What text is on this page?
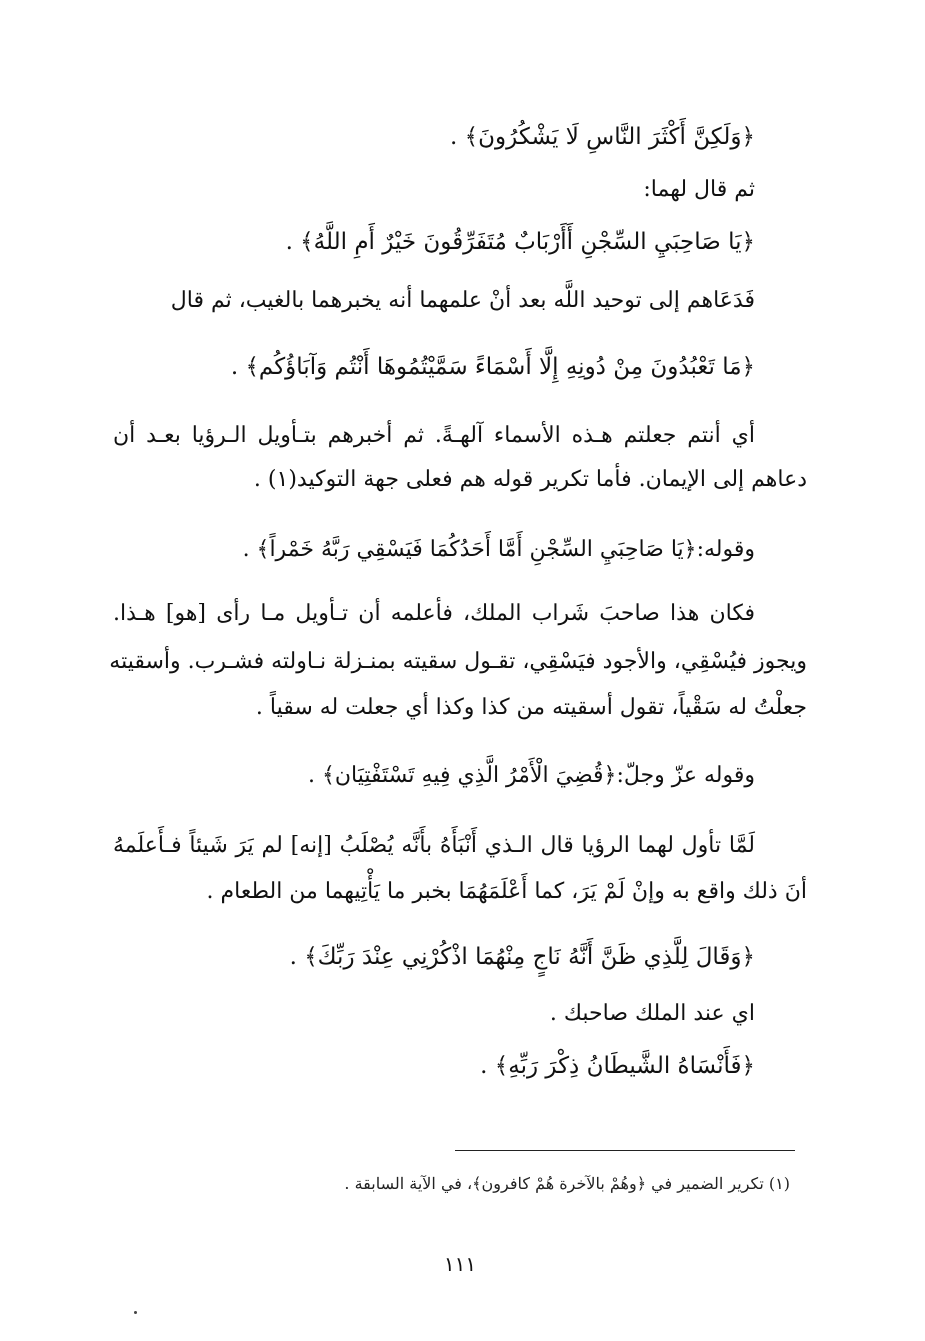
﴿وَلَكِنَّ أَكْثَرَ النَّاسِ لَا يَشْكُرُونَ﴾ .
ثم قال لهما:
﴿يَا صَاحِبَيِ السِّجْنِ أَأَرْبَابٌ مُتَفَرِّقُونَ خَيْرٌ أَمِ اللَّهُ﴾ .
فَدَعَاهم إلى توحيد اللَّه بعد أنْ علمهما أنه يخبرهما بالغيب، ثم قال
﴿مَا تَعْبُدُونَ مِنْ دُونِهِ إِلَّا أَسْمَاءً سَمَّيْتُمُوهَا أَنْتُم وَآبَاؤُكُم﴾ .
أي أنتم جعلتم هـذه الأسماء آلهـةً. ثم أخبرهم بتـأويل الـرؤيا بعـد أن
دعاهم إلى الإيمان. فأما تكرير قوله هم فعلى جهة التوكيد(١) .
وقوله:﴿يَا صَاحِبَيِ السِّجْنِ أَمَّا أَحَدُكُمَا فَيَسْقِي رَبَّهُ خَمْراً﴾ .
فكان هذا صاحبَ شَراب الملك، فأعلمه أن تـأويل مـا رأى [هو] هـذا.
ويجوز فيُسْقِي، والأجود فيَسْقِي، تقـول سقيته بمنـزلة نـاولته فشـرب. وأسقيته
جعلْتُ له سَقْياً، تقول أسقيته من كذا وكذا أي جعلت له سقياً .
وقوله عزّ وجلّ:﴿قُضِيَ الْأَمْرُ الَّذِي فِيهِ تَسْتَفْتِيَان﴾ .
لَمَّا تأول لهما الرؤيا قال الـذي أَنْبَأَهُ بأَنَّه يُصْلَبُ [إنه] لم يَرَ شَيئاً فـأَعلَمهُ
أنَ ذلك واقع به وإنْ لَمْ يَرَ، كما أَعْلَمَهُمَا بخبر ما يَأْتِيهما من الطعام .
﴿وَقَالَ لِلَّذِي ظَنَّ أَنَّهُ نَاجٍ مِنْهُمَا اذْكُرْنِي عِنْدَ رَبِّكَ﴾ .
اي عند الملك صاحبك .
﴿فَأَنْسَاهُ الشَّيطَانُ ذِكْرَ رَبِّهِ﴾ .
(١) تكرير الضمير في ﴿وهُمْ بالآخرة هُمْ كافرون﴾، في الآية السابقة .
١١١
